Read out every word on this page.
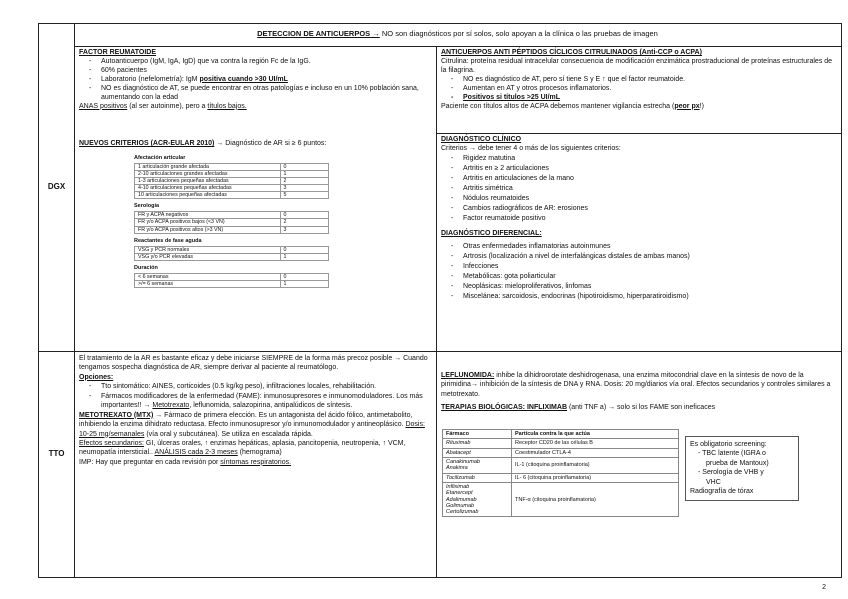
DETECCION DE ANTICUERPOS → NO son diagnósticos por sí solos, solo apoyan a la clínica o las pruebas de imagen
DGX
TTO

FACTOR REUMATOIDE

- Autoanticuerpo (IgM, IgA, IgD) que va contra la región Fc de la IgG.
- 60% pacientes
- Laboratorio (nefelometría): IgM positiva cuando >30 UI/mL
- NO es diagnóstico de AT, se puede encontrar en otras patologías e incluso en un 10% población sana, aumentando con la edad

ANAS positivos (al ser autoinme), pero a títulos bajos.

NUEVOS CRITERIOS (ACR-EULAR 2010) → Diagnóstico de AR si ≥ 6 puntos:

Afectación articular
1 articulación grande afectada	0
2-10 articulaciones grandes afectadas	1
1-3 articulaciones pequeñas afectadas	2
4-10 articulaciones pequeñas afectadas	3
10 articulaciones pequeñas afectadas	5
Serología
FR y ACPA negativos	0
FR y/o ACPA positivos bajos (<3 VN)	2
FR y/o ACPA positivos altos (>3 VN)	3
Reactantes de fase aguda
VSG y PCR normales	0
VSG y/o PCR elevadas	1
Duración
< 6 semanas	0
>/= 6 semanas	1

ANTICUERPOS ANTI PÉPTIDOS CÍCLICOS CITRULINADOS (Anti-CCP o ACPA)

Citrulina: proteína residual intracelular consecuencia de modificación enzimática prostraducional de proteínas estructurales de la filagrina.

- NO es diagnóstico de AT, pero sí tiene S y E ↑ que el factor reumatoide.
- Aumentan en AT y otros procesos inflamatorios.
- Positivos si títulos >25 UI/mL

Paciente con títulos altos de ACPA debemos mantener vigilancia estrecha (peor px!)

DIAGNÓSTICO CLÍNICO

Criterios → debe tener 4 o más de los siguientes criterios:

- Rigidez matutina
- Artritis en ≥ 2 articulaciones
- Artritis en articulaciones de la mano
- Artritis simétrica
- Nódulos reumatoides
- Cambios radiográficos de AR: erosiones
- Factor reumatoide positivo

DIAGNÓSTICO DIFERENCIAL:

- Otras enfermedades inflamatorias autoinmunes
- Artrosis (localización a nivel de interfalángicas distales de ambas manos)
- Infecciones
- Metabólicas: gota poliarticular
- Neoplásicas: mieloproliferativos, linfomas
- Miscelánea: sarcoidosis, endocrinas (hipotiroidismo, hiperparatiroidismo)

El tratamiento de la AR es bastante eficaz y debe iniciarse SIEMPRE de la forma más precoz posible → Cuando tengamos sospecha diagnóstica de AR, siempre derivar al paciente al reumatólogo.

Opciones:

- Tto sintomático: AINES, corticoides (0.5 kg/kg peso), infiltraciones locales, rehabilitación.
- Fármacos modificadores de la enfermedad (FAME): inmunosupresores e inmunomoduladores. Los más importantes!! → Metotrexato, leflunomida, salazopirina, antipalúdicos de síntesis.

METOTREXATO (MTX) → Fármaco de primera elección. Es un antagonista del ácido fólico, antimetabolito, inhibiendo la enzima dihidrato reductasa. Efecto inmunosupresor y/o inmunomodulador y antineoplásico. Dosis: 10-25 mg/semanales (vía oral y subcutánea). Se utiliza en escalada rápida.

Efectos secundarios: GI, úlceras orales, ↑ enzimas hepáticas, aplasia, pancitopenia, neutropenia, ↑ VCM, neumopatía intersticial.. ANÁLISIS cada 2-3 meses (hemograma)

IMP: Hay que preguntar en cada revisión por síntomas respiratorios.

LEFLUNOMIDA: inhibe la dihidroorotate deshidrogenasa, una enzima mitocondrial clave en la síntesis de novo de la pirimidina→ inhibición de la síntesis de DNA y RNA. Dosis: 20 mg/diarios vía oral. Efectos secundarios y controles similares a metotrexato.

TERAPIAS BIOLÓGICAS: INFLIXIMAB (anti TNF a) → solo si los FAME son ineficaces

Fármaco	Partícula contra la que actúa
Rituximab	Receptor CD20 de las células B
Abatacept	Coestimulador CTLA-4
Canakinumab
Anakinra	IL-1 (citoquina proinflamatoria)
Tocilizumab	IL- 6 (citoquina proinflamatoria)
Infliximab
Etanercept
Adalimumab
Golimumab
Certolizumab	TNF-α (citoquina proinflamatoria)
Es obligatorio screening:
- TBC latente (IGRA o
prueba de Mantoux)
- Serología de VHB y
VHC
Radiografía de tórax
2
